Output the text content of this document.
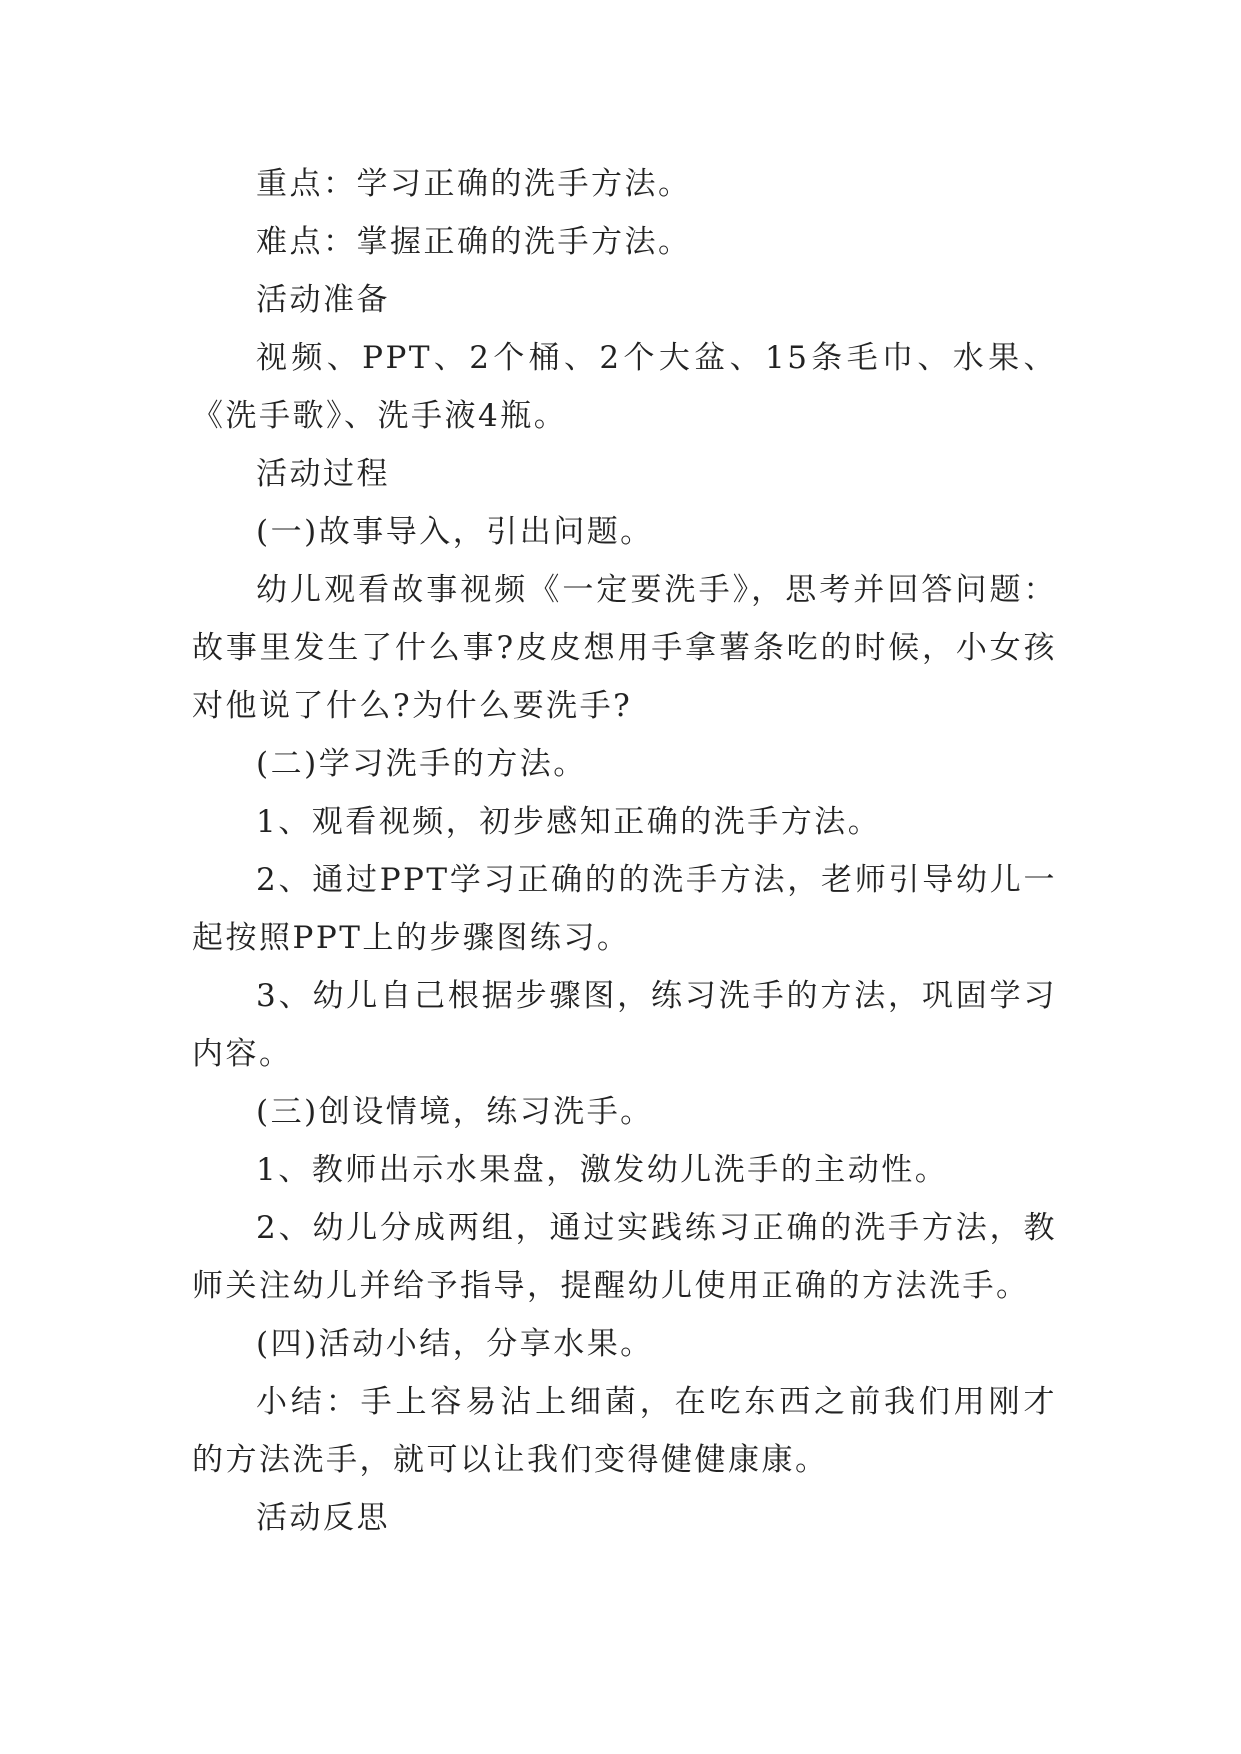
重点：学习正确的洗手方法。

难点：掌握正确的洗手方法。

活动准备

视频、PPT、2个桶、2个大盆、15条毛巾、水果、《洗手歌》、洗手液4瓶。

活动过程

(一)故事导入，引出问题。

幼儿观看故事视频《一定要洗手》，思考并回答问题：故事里发生了什么事?皮皮想用手拿薯条吃的时候，小女孩对他说了什么?为什么要洗手?

(二)学习洗手的方法。

1、观看视频，初步感知正确的洗手方法。

2、通过PPT学习正确的的洗手方法，老师引导幼儿一起按照PPT上的步骤图练习。

3、幼儿自己根据步骤图，练习洗手的方法，巩固学习内容。

(三)创设情境，练习洗手。

1、教师出示水果盘，激发幼儿洗手的主动性。

2、幼儿分成两组，通过实践练习正确的洗手方法，教师关注幼儿并给予指导，提醒幼儿使用正确的方法洗手。

(四)活动小结，分享水果。

小结：手上容易沾上细菌，在吃东西之前我们用刚才的方法洗手，就可以让我们变得健健康康。

活动反思
